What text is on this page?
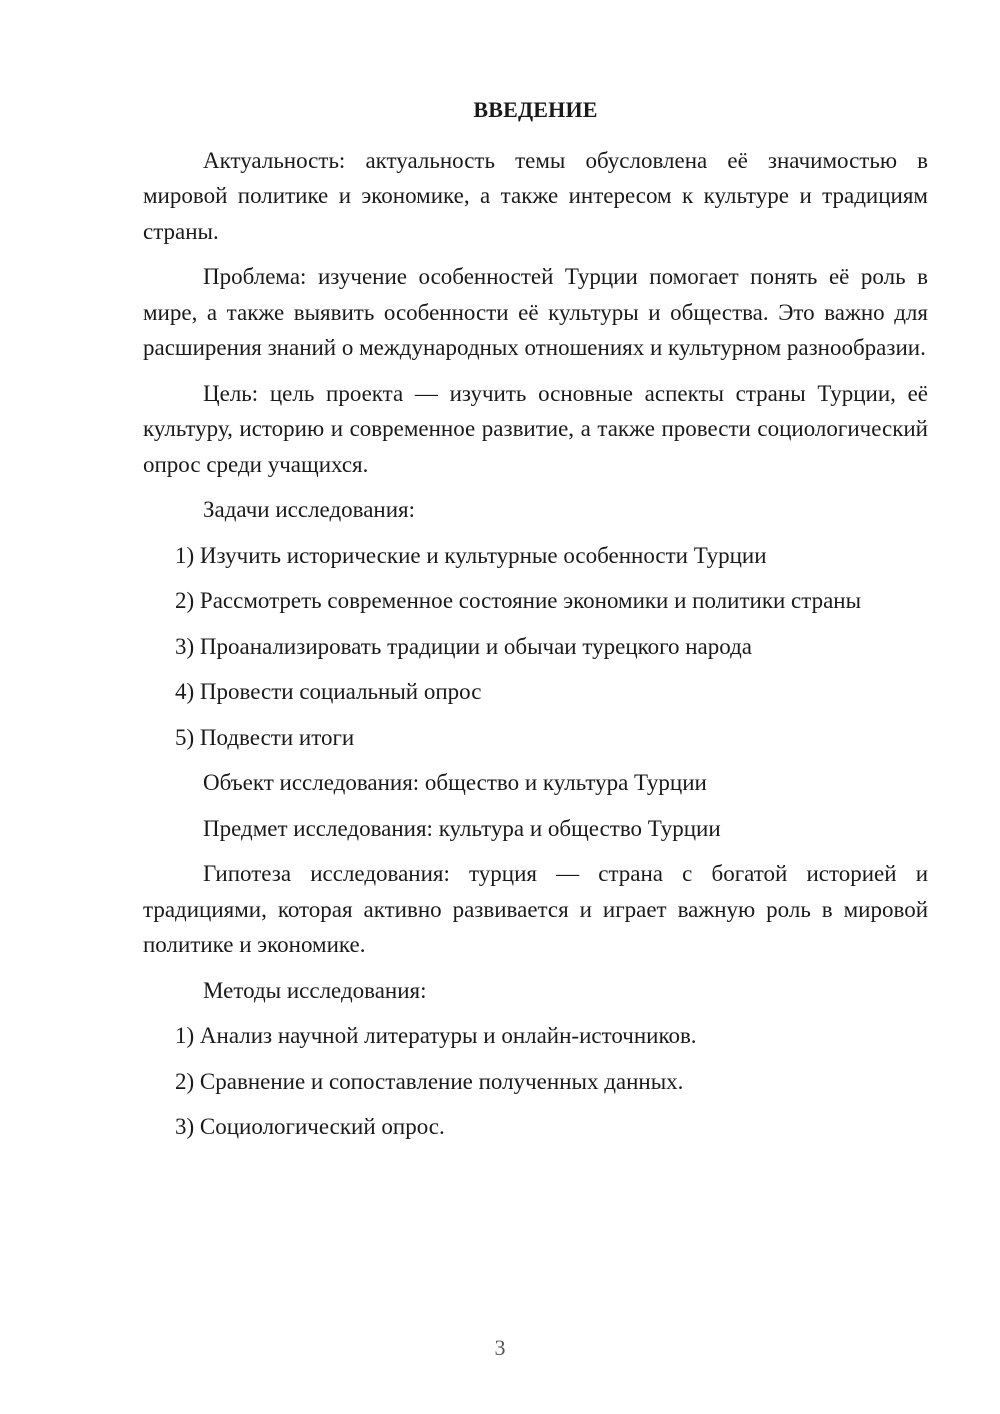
ВВЕДЕНИЕ

Актуальность: актуальность темы обусловлена её значимостью в мировой политике и экономике, а также интересом к культуре и традициям страны.

Проблема: изучение особенностей Турции помогает понять её роль в мире, а также выявить особенности её культуры и общества. Это важно для расширения знаний о международных отношениях и культурном разнообразии.

Цель: цель проекта — изучить основные аспекты страны Турции, её культуру, историю и современное развитие, а также провести социологический опрос среди учащихся.

Задачи исследования:

1) Изучить исторические и культурные особенности Турции

2) Рассмотреть современное состояние экономики и политики страны

3) Проанализировать традиции и обычаи турецкого народа

4) Провести социальный опрос

5) Подвести итоги

Объект исследования: общество и культура Турции

Предмет исследования: культура и общество Турции

Гипотеза исследования: турция — страна с богатой историей и традициями, которая активно развивается и играет важную роль в мировой политике и экономике.

Методы исследования:

1) Анализ научной литературы и онлайн-источников.

2) Сравнение и сопоставление полученных данных.

3) Социологический опрос.

3
